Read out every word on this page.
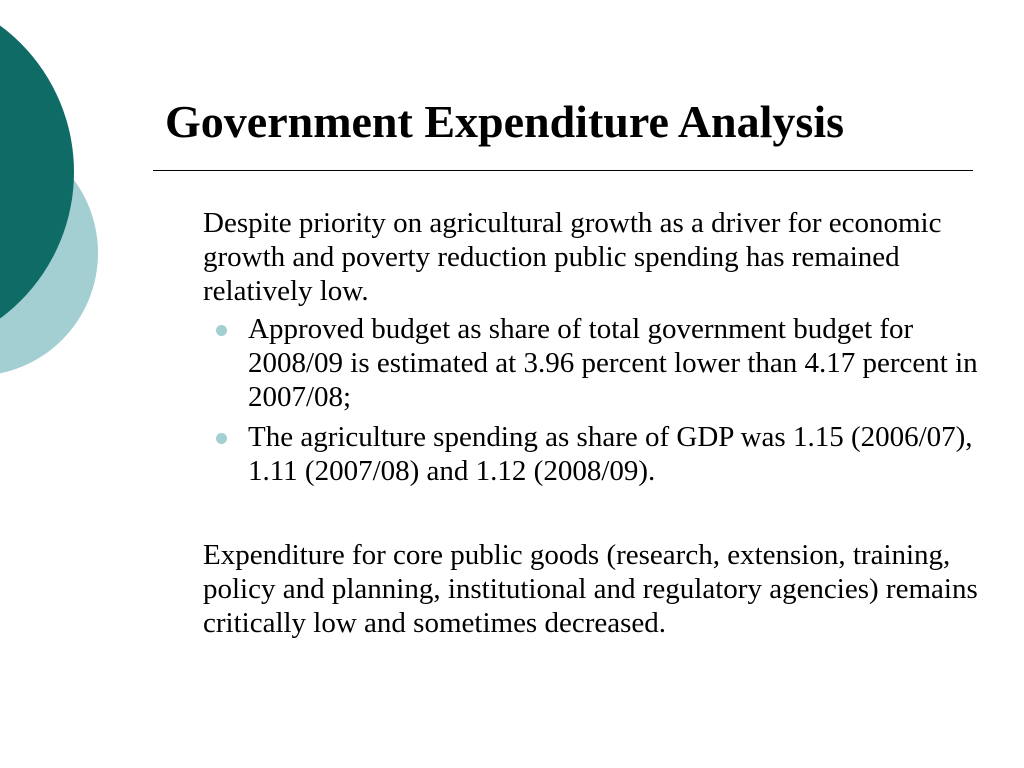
Government Expenditure Analysis

Despite priority on agricultural growth as a driver for economic growth and poverty reduction public spending has remained relatively low.

Approved budget as share of total government budget for 2008/09 is estimated at 3.96 percent lower than 4.17 percent in 2007/08;
The agriculture spending as share of GDP was 1.15 (2006/07), 1.11 (2007/08) and 1.12 (2008/09).

Expenditure for core public goods (research, extension, training, policy and planning, institutional and regulatory agencies) remains critically low and sometimes decreased.
